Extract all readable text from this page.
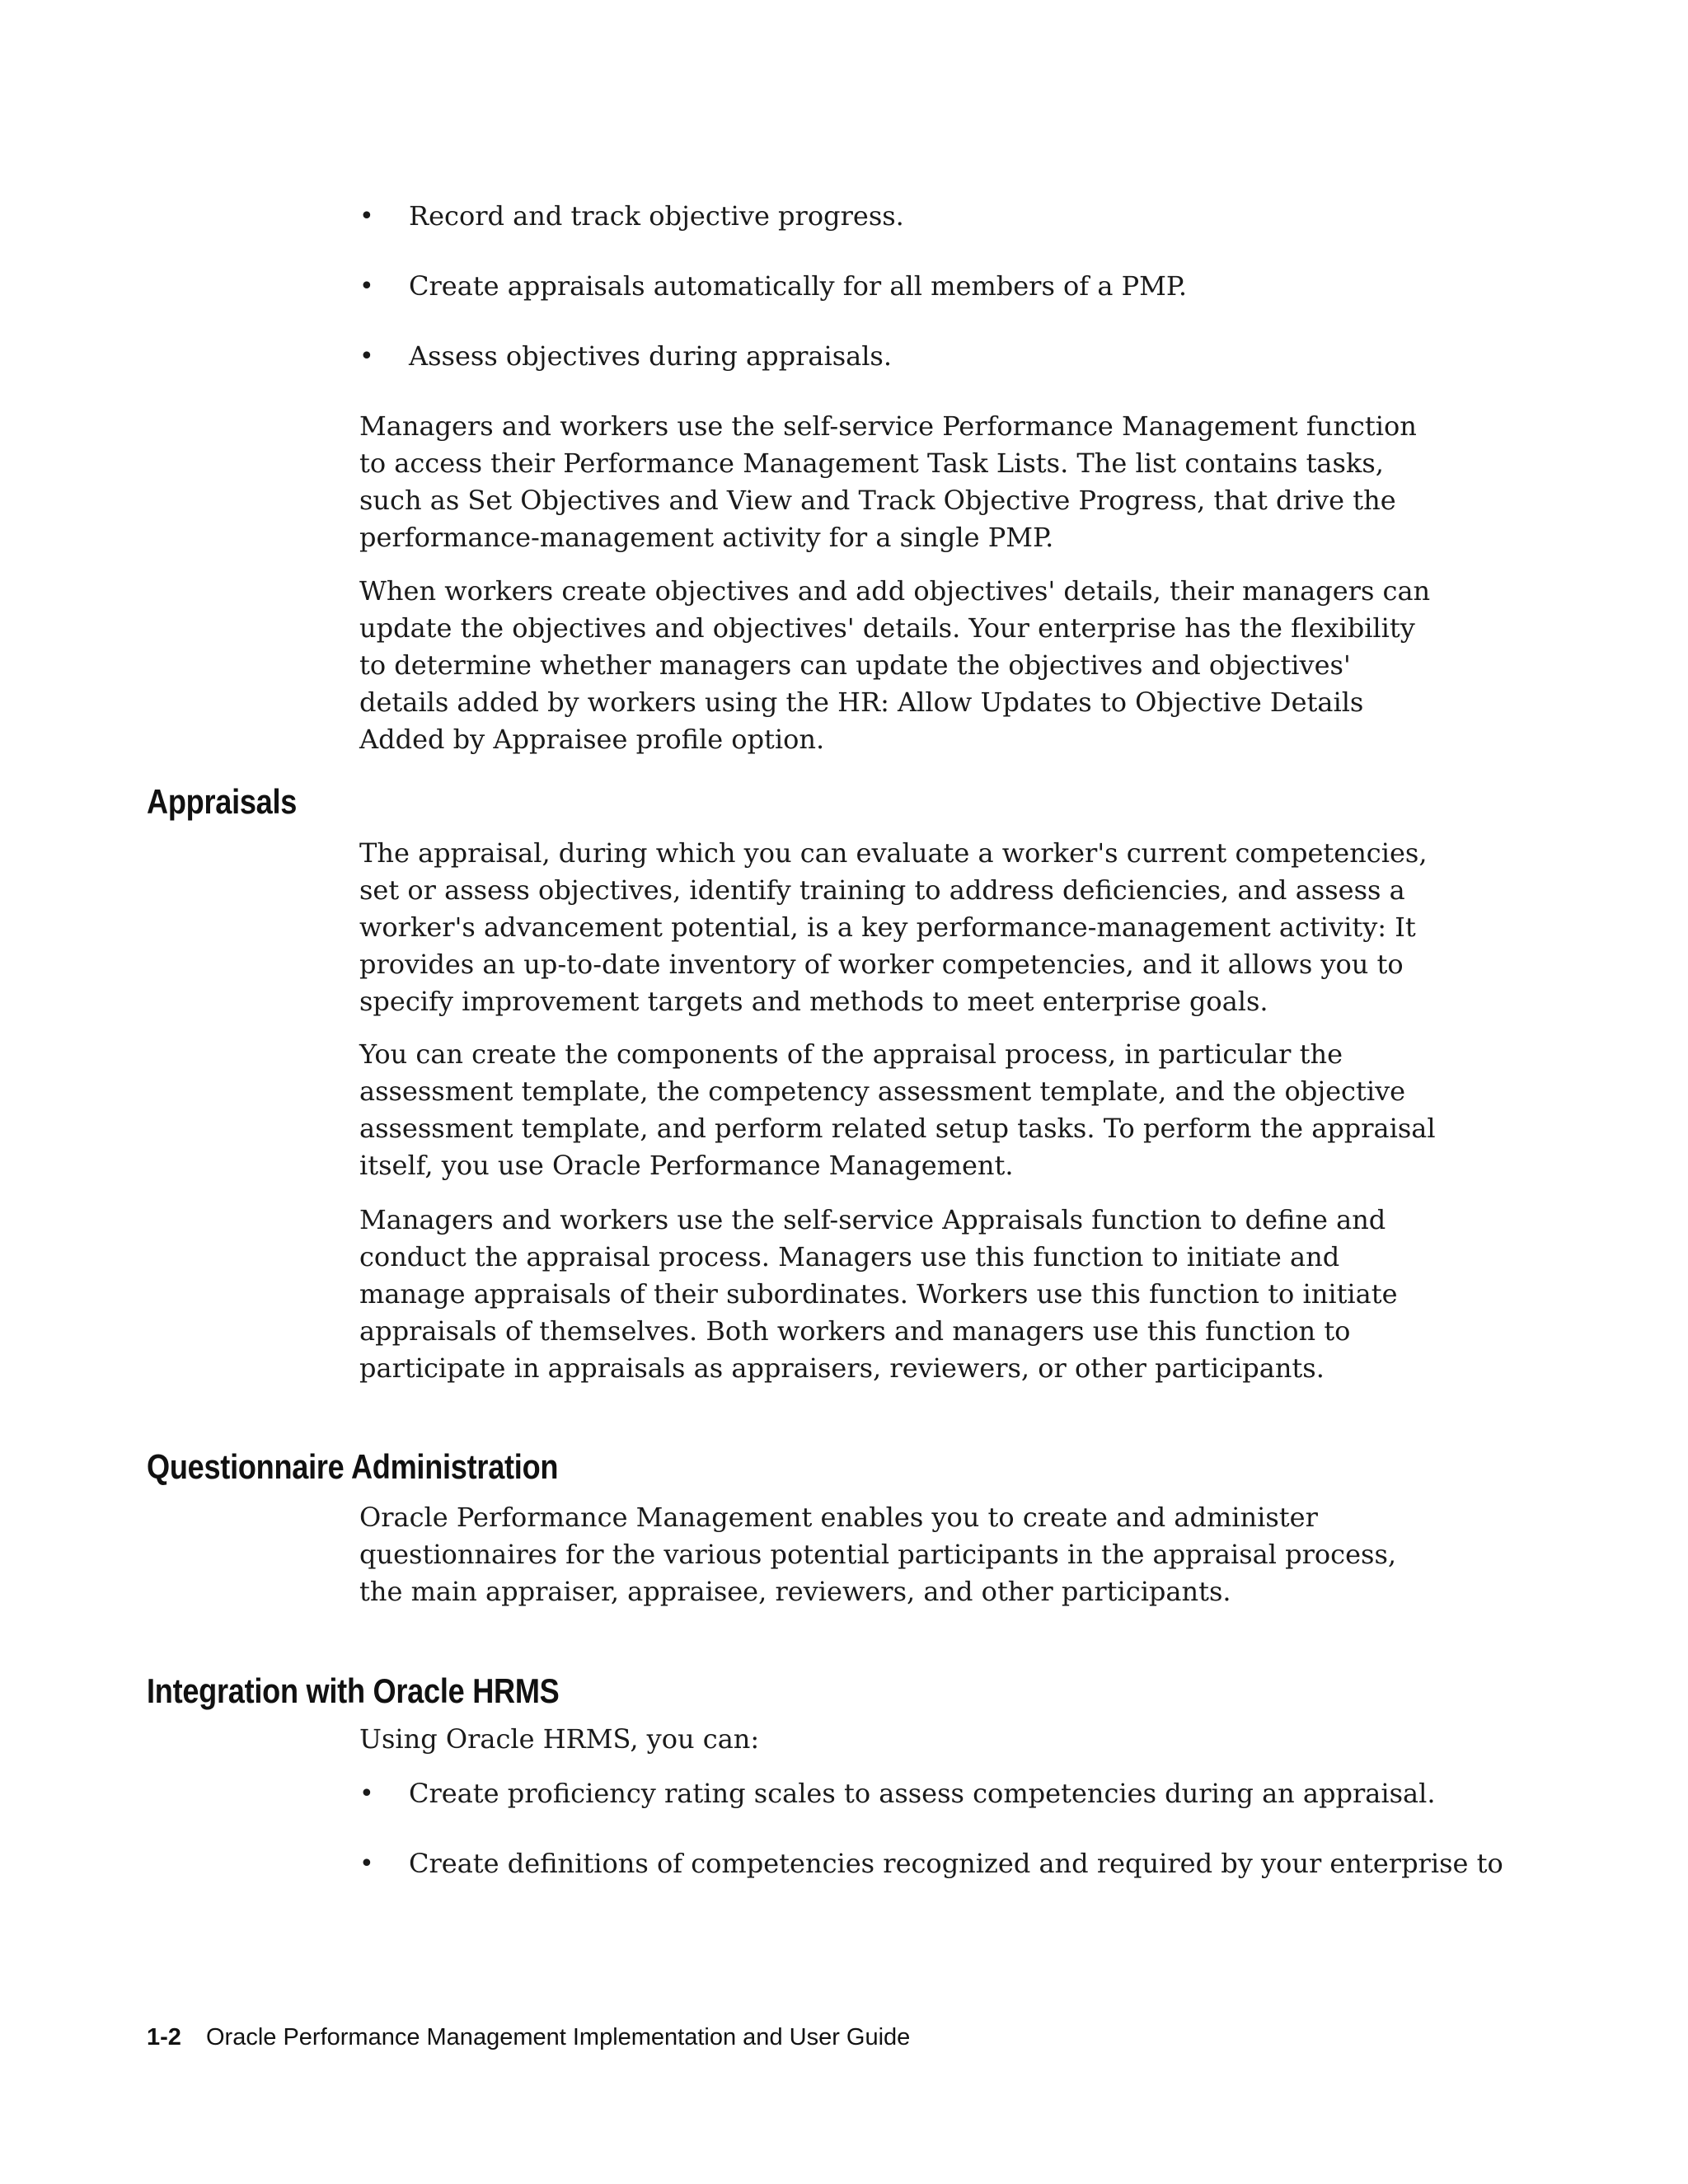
• Record and track objective progress.
• Create appraisals automatically for all members of a PMP.
• Assess objectives during appraisals.

Managers and workers use the self-service Performance Management function to access their Performance Management Task Lists. The list contains tasks, such as Set Objectives and View and Track Objective Progress, that drive the performance-management activity for a single PMP.

When workers create objectives and add objectives' details, their managers can update the objectives and objectives' details. Your enterprise has the flexibility to determine whether managers can update the objectives and objectives' details added by workers using the HR: Allow Updates to Objective Details Added by Appraisee profile option.

Appraisals

The appraisal, during which you can evaluate a worker's current competencies, set or assess objectives, identify training to address deficiencies, and assess a worker's advancement potential, is a key performance-management activity: It provides an up-to-date inventory of worker competencies, and it allows you to specify improvement targets and methods to meet enterprise goals.

You can create the components of the appraisal process, in particular the assessment template, the competency assessment template, and the objective assessment template, and perform related setup tasks. To perform the appraisal itself, you use Oracle Performance Management.

Managers and workers use the self-service Appraisals function to define and conduct the appraisal process. Managers use this function to initiate and manage appraisals of their subordinates. Workers use this function to initiate appraisals of themselves. Both workers and managers use this function to participate in appraisals as appraisers, reviewers, or other participants.

Questionnaire Administration

Oracle Performance Management enables you to create and administer questionnaires for the various potential participants in the appraisal process, the main appraiser, appraisee, reviewers, and other participants.

Integration with Oracle HRMS

Using Oracle HRMS, you can:

• Create proficiency rating scales to assess competencies during an appraisal.
• Create definitions of competencies recognized and required by your enterprise to
1-2 Oracle Performance Management Implementation and User Guide
